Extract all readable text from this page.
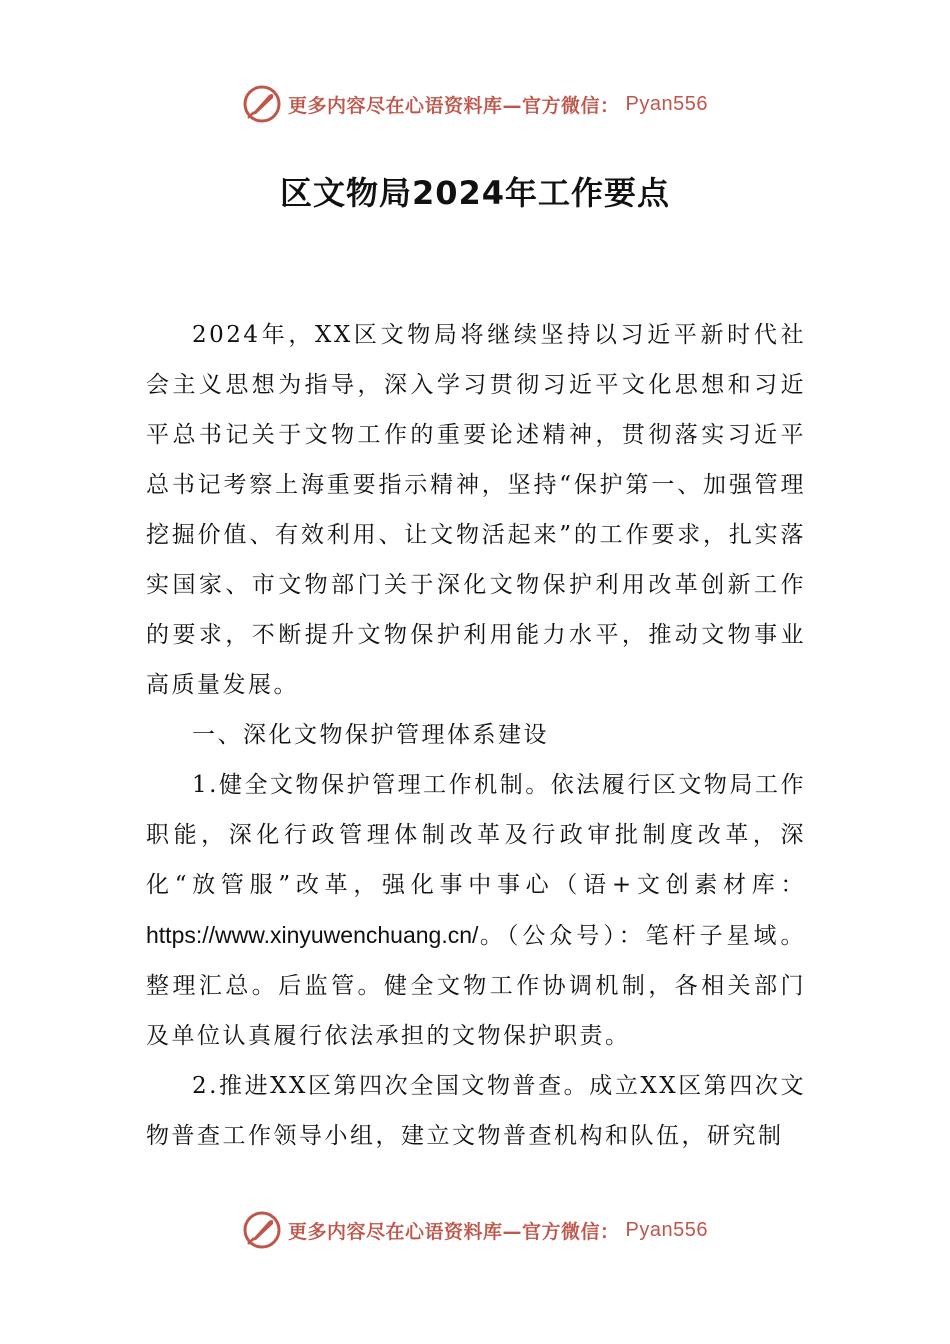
更多内容尽在心语资料库—官方微信： Pyan556
区文物局2024年工作要点

2024年，XX区文物局将继续坚持以习近平新时代社会主义思想为指导，深入学习贯彻习近平文化思想和习近平总书记关于文物工作的重要论述精神，贯彻落实习近平总书记考察上海重要指示精神，坚持“保护第一、加强管理挖掘价值、有效利用、让文物活起来”的工作要求，扎实落实国家、市文物部门关于深化文物保护利用改革创新工作的要求，不断提升文物保护利用能力水平，推动文物事业高质量发展。

一、深化文物保护管理体系建设

1.健全文物保护管理工作机制。依法履行区文物局工作职能，深化行政管理体制改革及行政审批制度改革，深化“放管服”改革，强化事中事心（语+文创素材库：https://www.xinyuwenchuang.cn/。（公众号）：笔杆子星域。整理汇总。后监管。健全文物工作协调机制，各相关部门及单位认真履行依法承担的文物保护职责。

2.推进XX区第四次全国文物普查。成立XX区第四次文物普查工作领导小组，建立文物普查机构和队伍，研究制

更多内容尽在心语资料库—官方微信： Pyan556
